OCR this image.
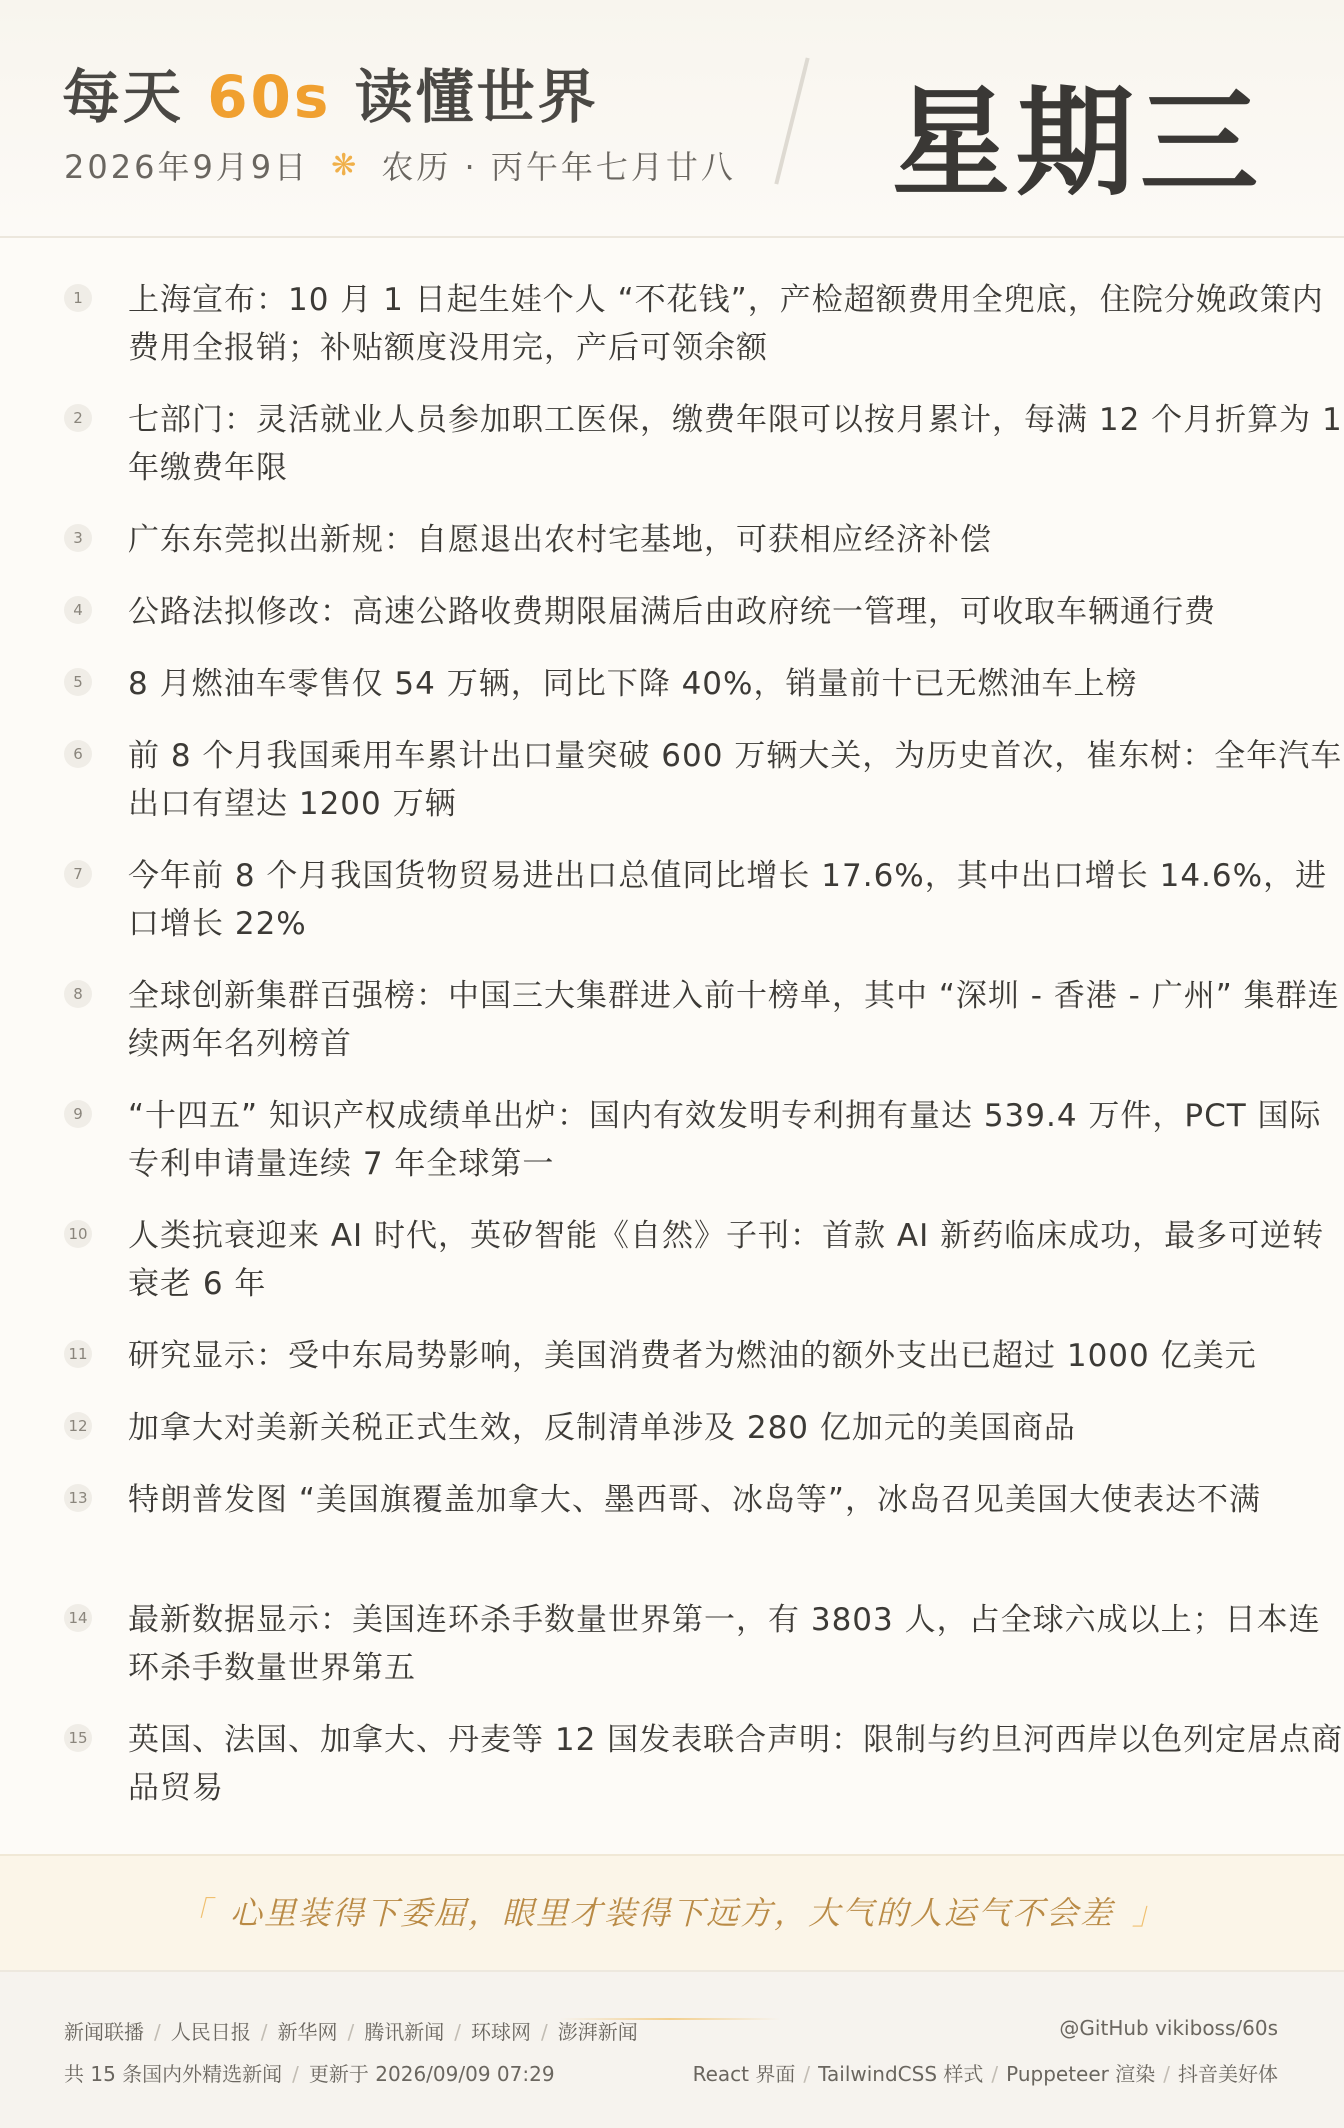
每天 60s 读懂世界
2026年9月9日 ❋ 农历 · 丙午年七月廿八 星期三
1 上海宣布：10 月 1 日起生娃个人 “不花钱”，产检超额费用全兜底，住院分娩政策内费用全报销；补贴额度没用完，产后可领余额
2 七部门：灵活就业人员参加职工医保，缴费年限可以按月累计，每满 12 个月折算为 1 年缴费年限
3 广东东莞拟出新规：自愿退出农村宅基地，可获相应经济补偿
4 公路法拟修改：高速公路收费期限届满后由政府统一管理，可收取车辆通行费
5 8 月燃油车零售仅 54 万辆，同比下降 40%，销量前十已无燃油车上榜
6 前 8 个月我国乘用车累计出口量突破 600 万辆大关，为历史首次，崔东树：全年汽车出口有望达 1200 万辆
7 今年前 8 个月我国货物贸易进出口总值同比增长 17.6%，其中出口增长 14.6%，进口增长 22%
8 全球创新集群百强榜：中国三大集群进入前十榜单，其中 “深圳 - 香港 - 广州” 集群连续两年名列榜首
9 “十四五” 知识产权成绩单出炉：国内有效发明专利拥有量达 539.4 万件，PCT 国际专利申请量连续 7 年全球第一
10 人类抗衰迎来 AI 时代，英矽智能《自然》子刊：首款 AI 新药临床成功，最多可逆转衰老 6 年
11 研究显示：受中东局势影响，美国消费者为燃油的额外支出已超过 1000 亿美元
12 加拿大对美新关税正式生效，反制清单涉及 280 亿加元的美国商品
13 特朗普发图 “美国旗覆盖加拿大、墨西哥、冰岛等”，冰岛召见美国大使表达不满
14 最新数据显示：美国连环杀手数量世界第一，有 3803 人，占全球六成以上；日本连环杀手数量世界第五
15 英国、法国、加拿大、丹麦等 12 国发表联合声明：限制与约旦河西岸以色列定居点商品贸易
「 心里装得下委屈，眼里才装得下远方，大气的人运气不会差 」
新闻联播 / 人民日报 / 新华网 / 腾讯新闻 / 环球网 / 澎湃新闻
共 15 条国内外精选新闻 / 更新于 2026/09/09 07:29
@GitHub vikiboss/60s
React 界面 / TailwindCSS 样式 / Puppeteer 渲染 / 抖音美好体
